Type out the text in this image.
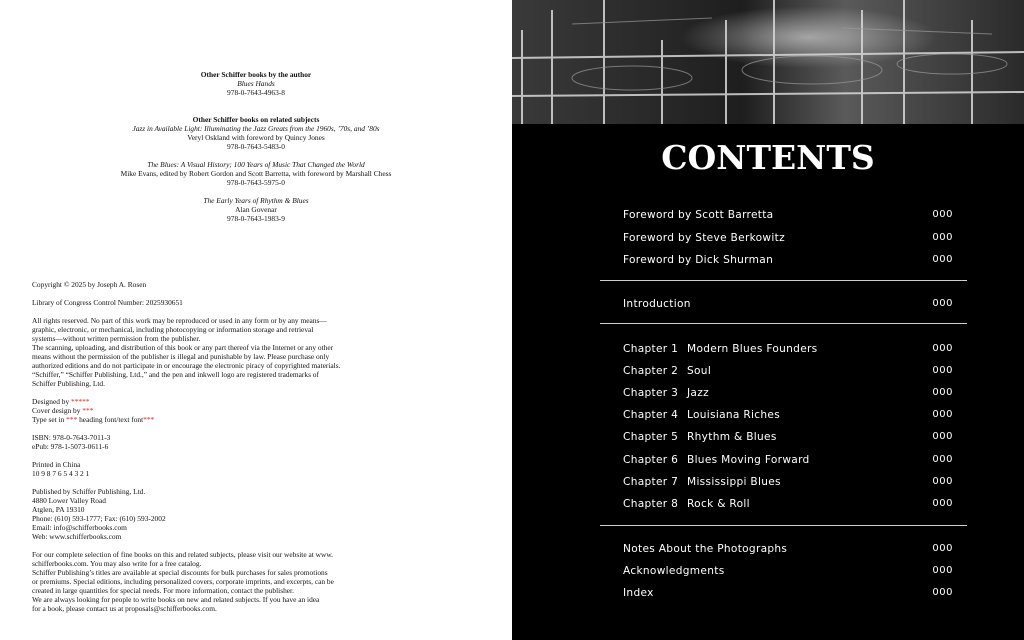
Other Schiffer books by the author
Blues Hands
978-0-7643-4963-8
Other Schiffer books on related subjects
Jazz in Available Light: Illuminating the Jazz Greats from the 1960s, ’70s, and ’80s
Veryl Oskland with foreword by Quincy Jones
978-0-7643-5483-0
The Blues: A Visual History; 100 Years of Music That Changed the World
Mike Evans, edited by Robert Gordon and Scott Barretta, with foreword by Marshall Chess
978-0-7643-5975-0
The Early Years of Rhythm & Blues
Alan Govenar
978-0-7643-1983-9
Copyright © 2025 by Joseph A. Rosen
Library of Congress Control Number: 2025930651
All rights reserved. No part of this work may be reproduced or used in any form or by any means—
graphic, electronic, or mechanical, including photocopying or information storage and retrieval
systems—without written permission from the publisher.
The scanning, uploading, and distribution of this book or any part thereof via the Internet or any other
means without the permission of the publisher is illegal and punishable by law. Please purchase only
authorized editions and do not participate in or encourage the electronic piracy of copyrighted materials.
“Schiffer,” “Schiffer Publishing, Ltd.,” and the pen and inkwell logo are registered trademarks of
Schiffer Publishing, Ltd.
Designed by *****
Cover design by ***
Type set in *** heading font/text font***
ISBN: 978-0-7643-7011-3
ePub: 978-1-5073-0611-6
Printed in China
10 9 8 7 6 5 4 3 2 1
Published by Schiffer Publishing, Ltd.
4880 Lower Valley Road
Atglen, PA 19310
Phone: (610) 593-1777; Fax: (610) 593-2002
Email: info@schifferbooks.com
Web: www.schifferbooks.com
For our complete selection of fine books on this and related subjects, please visit our website at www.
schifferbooks.com. You may also write for a free catalog.
Schiffer Publishing’s titles are available at special discounts for bulk purchases for sales promotions
or premiums. Special editions, including personalized covers, corporate imprints, and excerpts, can be
created in large quantities for special needs. For more information, contact the publisher.
We are always looking for people to write books on new and related subjects. If you have an idea
for a book, please contact us at proposals@schifferbooks.com.
CONTENTS
Foreword by Scott Barretta	000
Foreword by Steve Berkowitz	000
Foreword by Dick Shurman	000
Introduction	000
Chapter 1 Modern Blues Founders	000
Chapter 2 Soul	000
Chapter 3 Jazz	000
Chapter 4 Louisiana Riches	000
Chapter 5 Rhythm & Blues	000
Chapter 6 Blues Moving Forward	000
Chapter 7 Mississippi Blues	000
Chapter 8 Rock & Roll	000
Notes About the Photographs	000
Acknowledgments	000
Index	000
